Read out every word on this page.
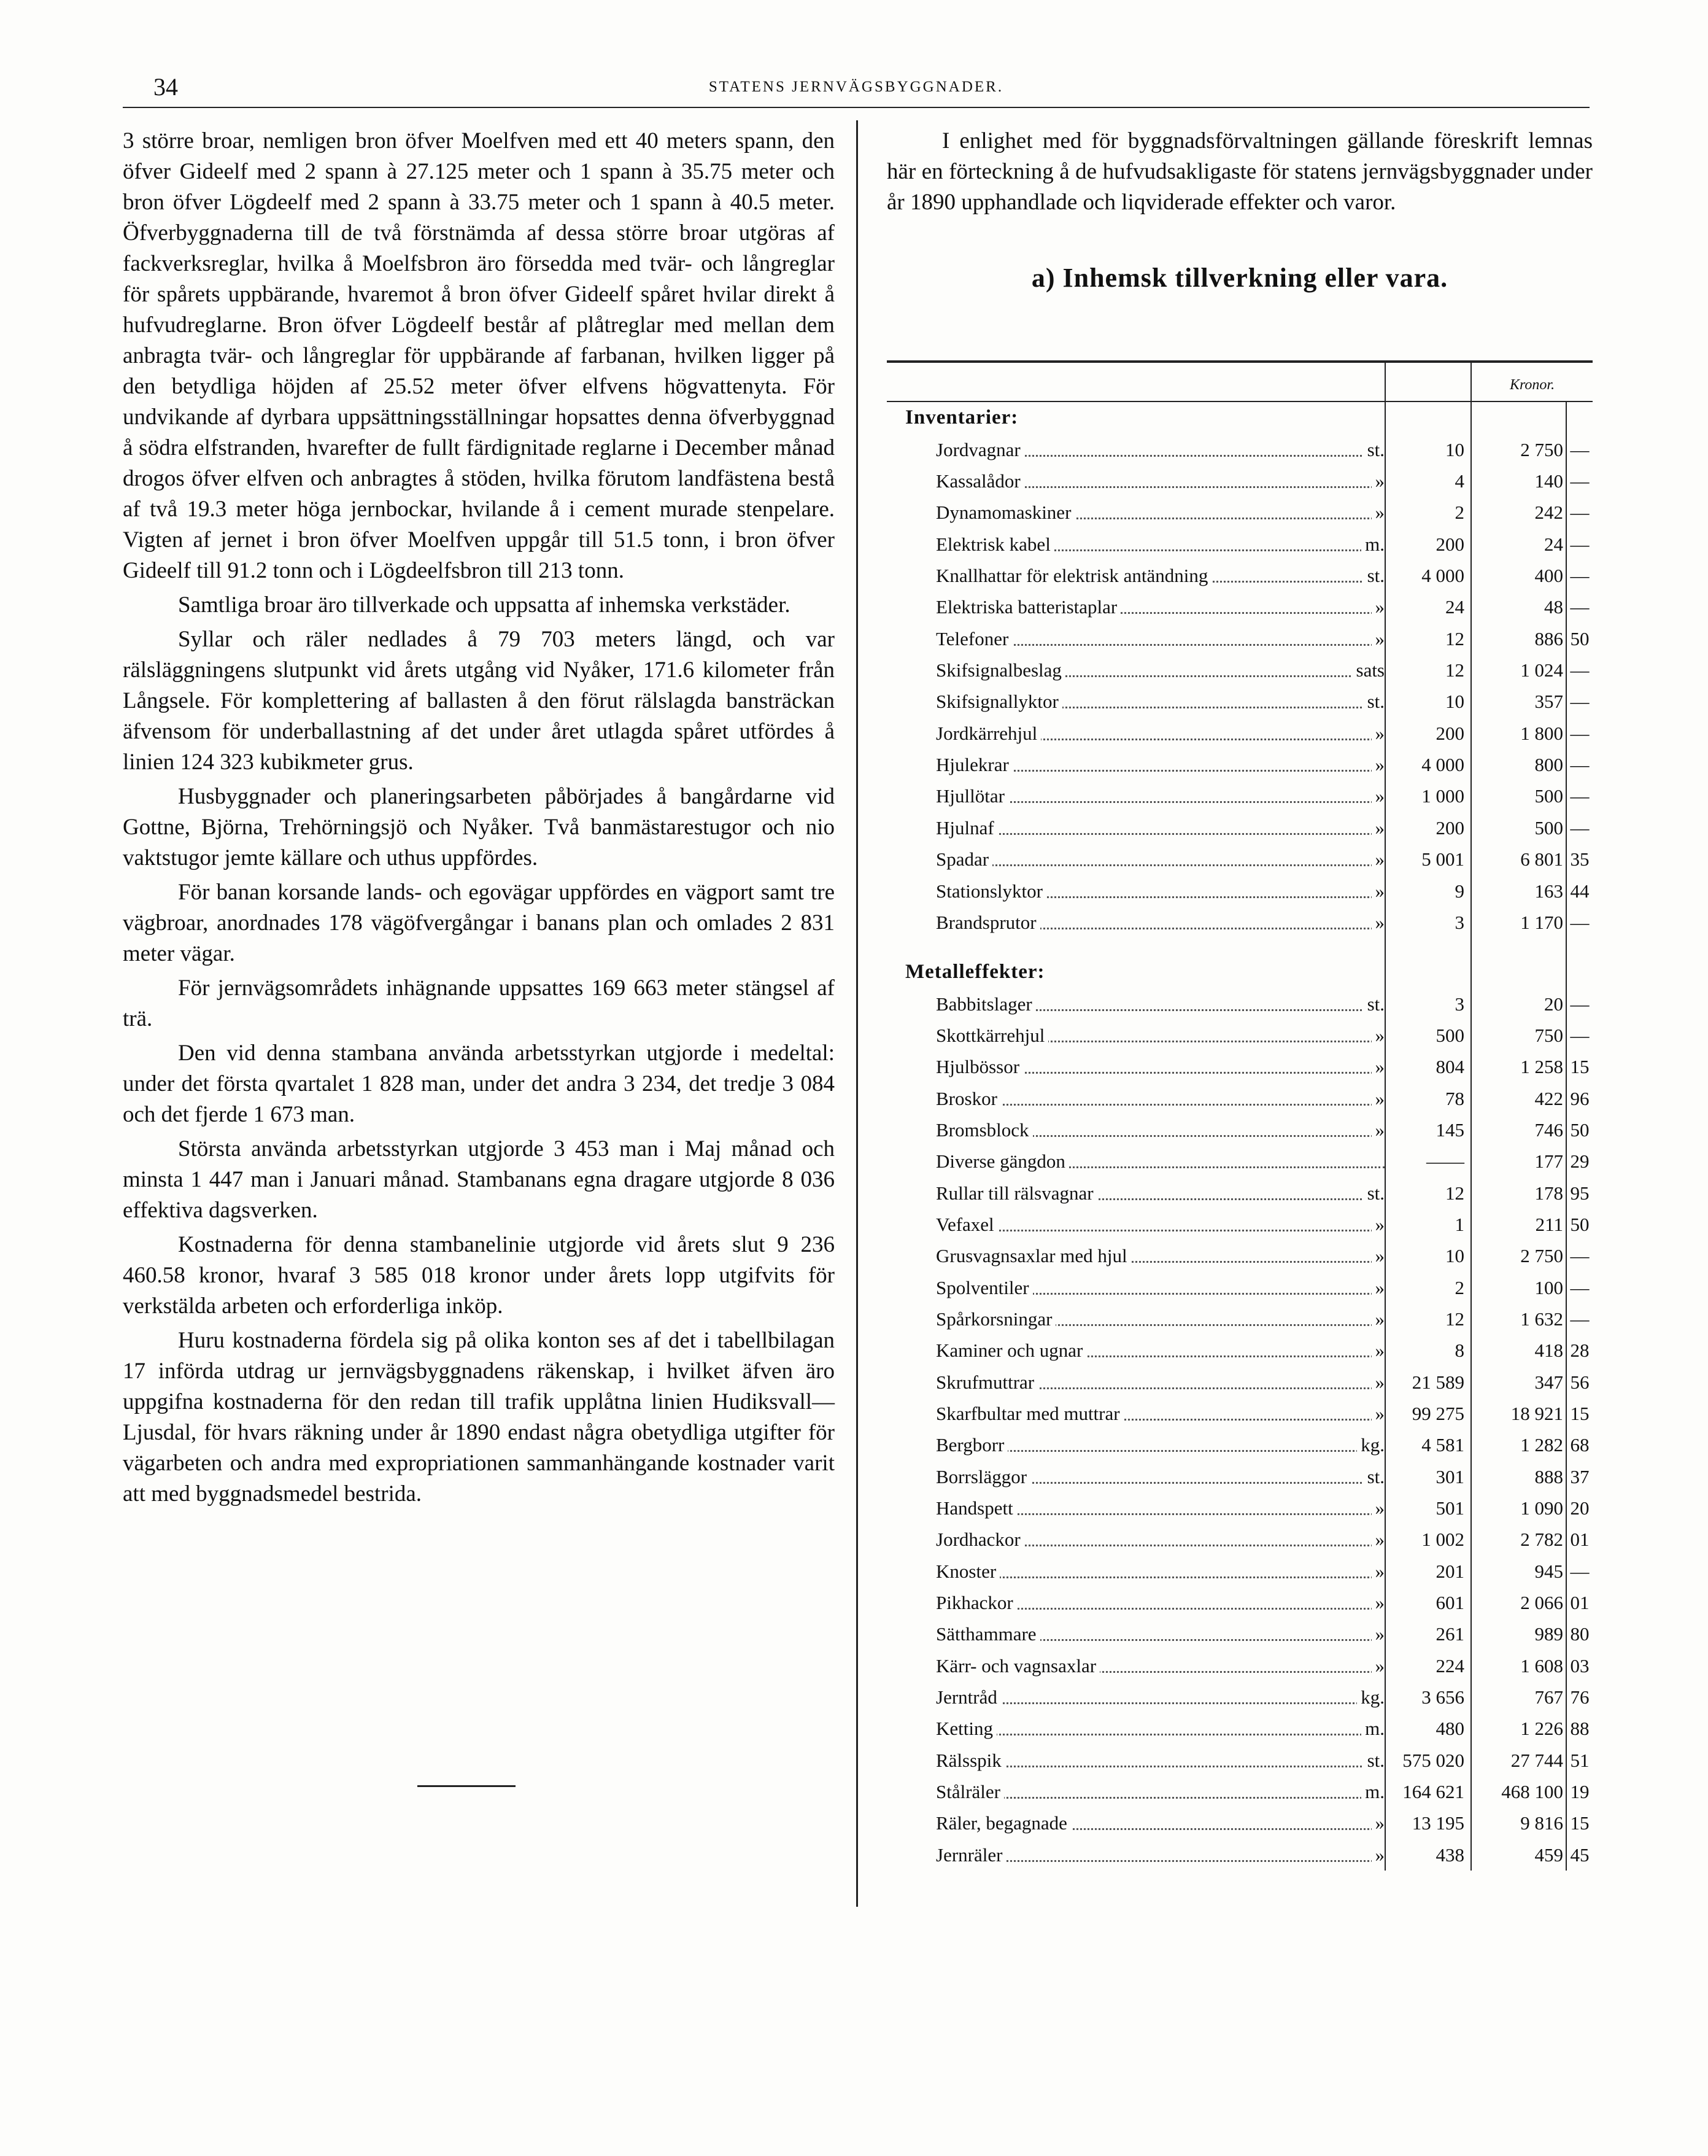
34	STATENS JERNVÄGSBYGGNADER.

3 större broar, nemligen bron öfver Moelfven med ett 40 meters spann, den öfver Gideelf med 2 spann à 27.125 meter och 1 spann à 35.75 meter och bron öfver Lögdeelf med 2 spann à 33.75 meter och 1 spann à 40.5 meter. Öfverbyggnaderna till de två förstnämda af dessa större broar utgöras af fackverksreglar, hvilka å Moelfsbron äro försedda med tvär- och långreglar för spårets uppbärande, hvaremot å bron öfver Gideelf spåret hvilar direkt å hufvudreglarne. Bron öfver Lögdeelf består af plåtreglar med mellan dem anbragta tvär- och långreglar för uppbärande af farbanan, hvilken ligger på den betydliga höjden af 25.52 meter öfver elfvens högvattenyta. För undvikande af dyrbara uppsättningsställningar hopsattes denna öfverbyggnad å södra elfstranden, hvarefter de fullt färdignitade reglarne i December månad drogos öfver elfven och anbragtes å stöden, hvilka förutom landfästena bestå af två 19.3 meter höga jernbockar, hvilande å i cement murade stenpelare. Vigten af jernet i bron öfver Moelfven uppgår till 51.5 tonn, i bron öfver Gideelf till 91.2 tonn och i Lögdeelfsbron till 213 tonn.

Samtliga broar äro tillverkade och uppsatta af inhemska verkstäder.

Syllar och räler nedlades å 79 703 meters längd, och var rälsläggningens slutpunkt vid årets utgång vid Nyåker, 171.6 kilometer från Långsele. För komplettering af ballasten å den förut rälslagda bansträckan äfvensom för underballastning af det under året utlagda spåret utfördes å linien 124 323 kubikmeter grus.

Husbyggnader och planeringsarbeten påbörjades å bangårdarne vid Gottne, Björna, Trehörningsjö och Nyåker. Två banmästarestugor och nio vaktstugor jemte källare och uthus uppfördes.

För banan korsande lands- och egovägar uppfördes en vägport samt tre vägbroar, anordnades 178 vägöfvergångar i banans plan och omlades 2 831 meter vägar.

För jernvägsområdets inhägnande uppsattes 169 663 meter stängsel af trä.

Den vid denna stambana använda arbetsstyrkan utgjorde i medeltal: under det första qvartalet 1 828 man, under det andra 3 234, det tredje 3 084 och det fjerde 1 673 man.

Största använda arbetsstyrkan utgjorde 3 453 man i Maj månad och minsta 1 447 man i Januari månad. Stambanans egna dragare utgjorde 8 036 effektiva dagsverken.

Kostnaderna för denna stambanelinie utgjorde vid årets slut 9 236 460.58 kronor, hvaraf 3 585 018 kronor under årets lopp utgifvits för verkstälda arbeten och erforderliga inköp.

Huru kostnaderna fördela sig på olika konton ses af det i tabellbilagan 17 införda utdrag ur jernvägsbyggnadens räkenskap, i hvilket äfven äro uppgifna kostnaderna för den redan till trafik upplåtna linien Hudiksvall—Ljusdal, för hvars räkning under år 1890 endast några obetydliga utgifter för vägarbeten och andra med expropriationen sammanhängande kostnader varit att med byggnadsmedel bestrida.

I enlighet med för byggnadsförvaltningen gällande föreskrift lemnas här en förteckning å de hufvudsakligaste för statens jernvägsbyggnader under år 1890 upphandlade och liqviderade effekter och varor.

a) Inhemsk tillverkning eller vara.
		Kronor.	
Inventarier:			

Jordvagnar st.	10	2 750	—

Kassalådor »	4	140	—

Dynamomaskiner »	2	242	—

Elektrisk kabel m.	200	24	—

Knallhattar för elektrisk antändning st.	4 000	400	—

Elektriska batteristaplar »	24	48	—

Telefoner »	12	886	50

Skifsignalbeslag sats	12	1 024	—

Skifsignallyktor st.	10	357	—

Jordkärrehjul »	200	1 800	—

Hjulekrar »	4 000	800	—

Hjullötar »	1 000	500	—

Hjulnaf »	200	500	—

Spadar »	5 001	6 801	35

Stationslyktor »	9	163	44

Brandsprutor »	3	1 170	—

Metalleffekter:			

Babbitslager st.	3	20	—

Skottkärrehjul »	500	750	—

Hjulbössor »	804	1 258	15

Broskor »	78	422	96

Bromsblock »	145	746	50

Diverse gängdon	——	177	29

Rullar till rälsvagnar st.	12	178	95

Vefaxel »	1	211	50

Grusvagnsaxlar med hjul »	10	2 750	—

Spolventiler »	2	100	—

Spårkorsningar »	12	1 632	—

Kaminer och ugnar »	8	418	28

Skrufmuttrar »	21 589	347	56

Skarfbultar med muttrar »	99 275	18 921	15

Bergborr kg.	4 581	1 282	68

Borrsläggor st.	301	888	37

Handspett »	501	1 090	20

Jordhackor »	1 002	2 782	01

Knoster »	201	945	—

Pikhackor »	601	2 066	01

Sätthammare »	261	989	80

Kärr- och vagnsaxlar »	224	1 608	03

Jerntråd kg.	3 656	767	76

Ketting m.	480	1 226	88

Rälsspik st.	575 020	27 744	51

Stålräler m.	164 621	468 100	19

Räler, begagnade »	13 195	9 816	15

Jernräler »	438	459	45
